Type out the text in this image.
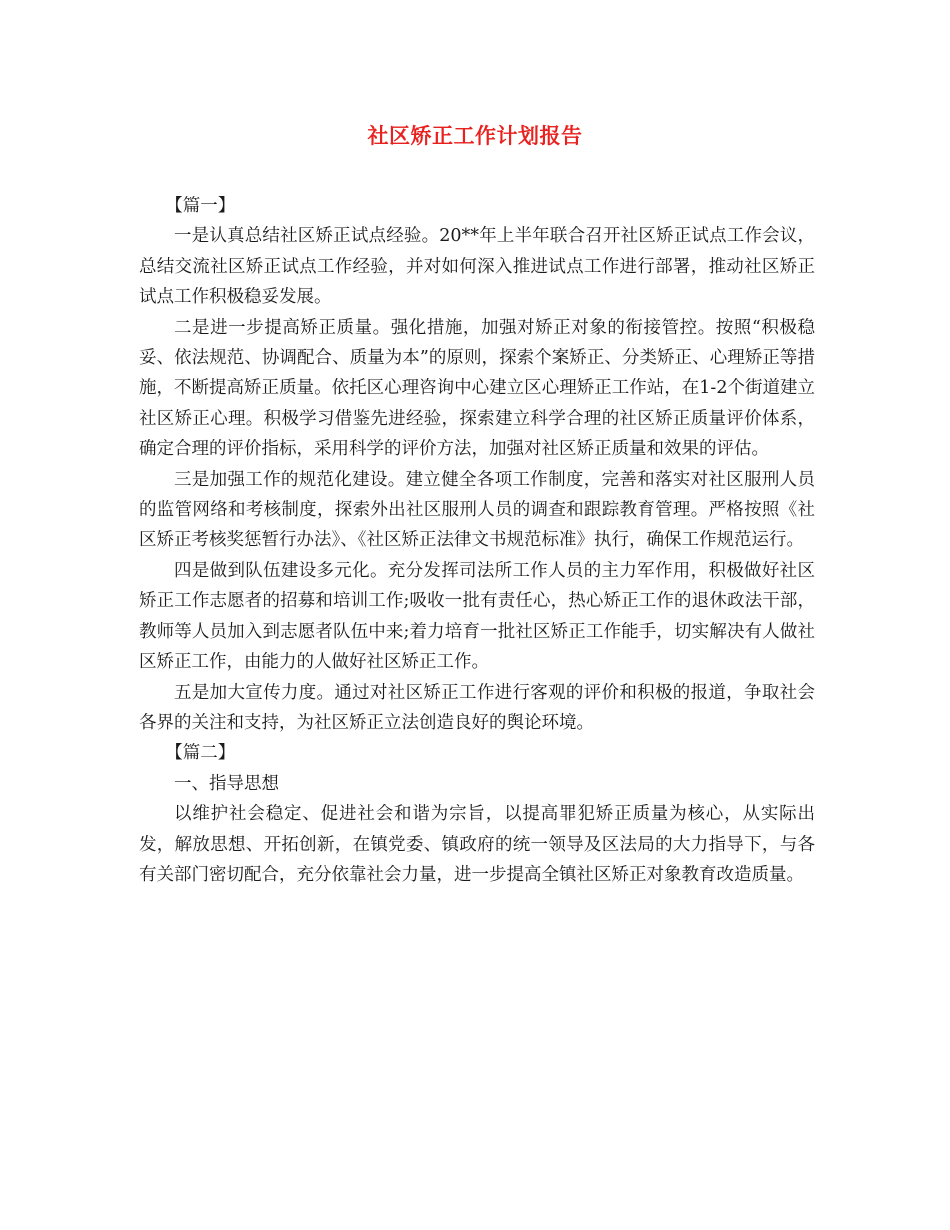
社区矫正工作计划报告

【篇一】

一是认真总结社区矫正试点经验。20**年上半年联合召开社区矫正试点工作会议，总结交流社区矫正试点工作经验，并对如何深入推进试点工作进行部署，推动社区矫正试点工作积极稳妥发展。

二是进一步提高矫正质量。强化措施，加强对矫正对象的衔接管控。按照“积极稳妥、依法规范、协调配合、质量为本”的原则，探索个案矫正、分类矫正、心理矫正等措施，不断提高矫正质量。依托区心理咨询中心建立区心理矫正工作站，在1-2个街道建立社区矫正心理。积极学习借鉴先进经验，探索建立科学合理的社区矫正质量评价体系，确定合理的评价指标，采用科学的评价方法，加强对社区矫正质量和效果的评估。

三是加强工作的规范化建设。建立健全各项工作制度，完善和落实对社区服刑人员的监管网络和考核制度，探索外出社区服刑人员的调查和跟踪教育管理。严格按照《社区矫正考核奖惩暂行办法》、《社区矫正法律文书规范标准》执行，确保工作规范运行。

四是做到队伍建设多元化。充分发挥司法所工作人员的主力军作用，积极做好社区矫正工作志愿者的招募和培训工作;吸收一批有责任心，热心矫正工作的退休政法干部，教师等人员加入到志愿者队伍中来;着力培育一批社区矫正工作能手，切实解决有人做社区矫正工作，由能力的人做好社区矫正工作。

五是加大宣传力度。通过对社区矫正工作进行客观的评价和积极的报道，争取社会各界的关注和支持，为社区矫正立法创造良好的舆论环境。

【篇二】

一、指导思想

以维护社会稳定、促进社会和谐为宗旨，以提高罪犯矫正质量为核心，从实际出发，解放思想、开拓创新，在镇党委、镇政府的统一领导及区法局的大力指导下，与各有关部门密切配合，充分依靠社会力量，进一步提高全镇社区矫正对象教育改造质量。
